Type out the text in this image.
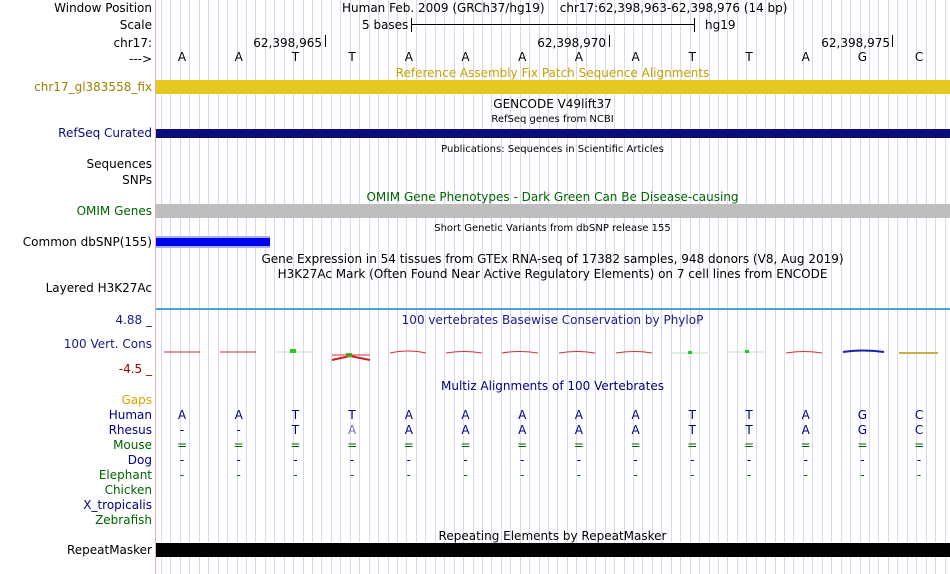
Window Position	Human Feb. 2009 (GRCh37/hg19)    chr17:62,398,963-62,398,976 (14 bp)
Scale	5 bases	hg19
chr17:	62,398,965	62,398,970	62,398,975
---> A	A	T	T	A	A	A	A	A	T	T	A	G	C
Reference Assembly Fix Patch Sequence Alignments
chr17_gl383558_fix
GENCODE V49lift37
RefSeq genes from NCBI
RefSeq Curated
Publications: Sequences in Scientific Articles
Sequences
SNPs
OMIM Gene Phenotypes - Dark Green Can Be Disease-causing
OMIM Genes
Short Genetic Variants from dbSNP release 155
Common dbSNP(155)
Gene Expression in 54 tissues from GTEx RNA-seq of 17382 samples, 948 donors (V8, Aug 2019)
H3K27Ac Mark (Often Found Near Active Regulatory Elements) on 7 cell lines from ENCODE
Layered H3K27Ac
100 vertebrates Basewise Conservation by PhyloP
4.88 _
100 Vert. Cons
-4.5 _
Multiz Alignments of 100 Vertebrates
Gaps
Human A	A	T	T	A	A	A	A	A	T	T	A	G	C
Rhesus	-	-	T	A	A	A	A	A	A	T	T	A	G	C
Mouse =	=	=	=	=	=	=	=	=	=	=	=	=	=
Dog	-	-	-	-	-	-	-	-	-	-	-	-	-	-
Elephant	-	-	-	-	-	-	-	-	-	-	-	-	-	-
Chicken
X_tropicalis
Zebrafish
Repeating Elements by RepeatMasker
RepeatMasker
